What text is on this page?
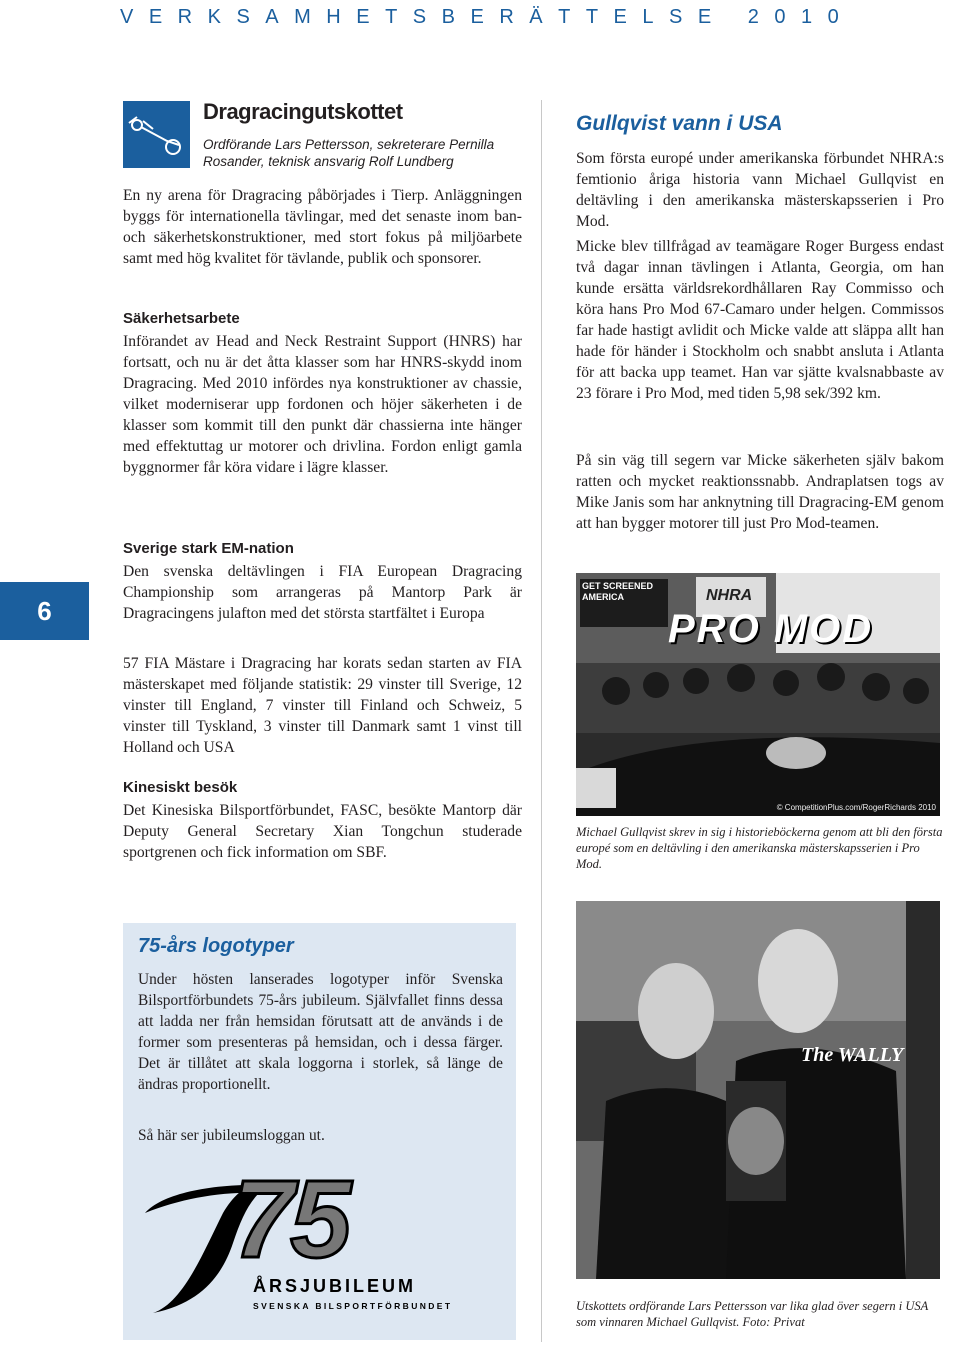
VERKSAMHETSBERÄTTELSE 2010
6
Dragracingutskottet
Ordförande Lars Pettersson, sekreterare Pernilla Rosander, teknisk ansvarig Rolf Lundberg

En ny arena för Dragracing påbörjades i Tierp. Anläggningen byggs för internationella tävlingar, med det senaste inom ban- och säkerhetskonstruktioner, med stort fokus på miljöarbete samt med hög kvalitet för tävlande, publik och sponsorer.

Säkerhetsarbete

Införandet av Head and Neck Restraint Support (HNRS) har fortsatt, och nu är det åtta klasser som har HNRS-skydd inom Dragracing. Med 2010 infördes nya konstruktioner av chassie, vilket moderniserar upp fordonen och höjer säkerheten i de klasser som kommit till den punkt där chassierna inte hänger med effektuttag ur motorer och drivlina. Fordon enligt gamla byggnormer får köra vidare i lägre klasser.

Sverige stark EM-nation

Den svenska deltävlingen i FIA European Dragracing Championship som arrangeras på Mantorp Park är Dragracingens julafton med det största startfältet i Europa

57 FIA Mästare i Dragracing har korats sedan starten av FIA mästerskapet med följande statistik: 29 vinster till Sverige, 12 vinster till England, 7 vinster till Finland och Schweiz, 5 vinster till Tyskland, 3 vinster till Danmark samt 1 vinst till Holland och USA

Kinesiskt besök

Det Kinesiska Bilsportförbundet, FASC, besökte Mantorp där Deputy General Secretary Xian Tongchun studerade sportgrenen och fick information om SBF.

Gullqvist vann i USA

Som första europé under amerikanska förbundet NHRA:s femtionio åriga historia vann Michael Gullqvist en deltävling i den amerikanska mästerskapsserien i Pro Mod.

Micke blev tillfrågad av teamägare Roger Burgess endast två dagar innan tävlingen i Atlanta, Georgia, om han kunde ersätta världsrekordhållaren Ray Commisso och köra hans Pro Mod 67-Camaro under helgen. Commissos far hade hastigt avlidit och Micke valde att släppa allt han hade för händer i Stockholm och snabbt ansluta i Atlanta för att backa upp teamet. Han var sjätte kvalsnabbaste av 23 förare i Pro Mod, med tiden 5,98 sek/392 km.

På sin väg till segern var Micke säkerheten själv bakom ratten och mycket reaktionssnabb. Andraplatsen togs av Mike Janis som har anknytning till Dragracing-EM genom att han bygger motorer till just Pro Mod-teamen.

GET SCREENED AMERICA	NHRA
PRO MOD
© CompetitionPlus.com/RogerRichards 2010

Michael Gullqvist skrev in sig i historieböckerna genom att bli den första europé som en deltävling i den amerikanska mästerskapsserien i Pro Mod.

The WALLY

Utskottets ordförande Lars Pettersson var lika glad över segern i USA som vinnaren Michael Gullqvist. Foto: Privat

75-års logotyper

Under hösten lanserades logotyper inför Svenska Bilsportförbundets 75-års jubileum. Självfallet finns dessa att ladda ner från hemsidan förutsatt att de används i de former som presenteras på hemsidan, och i dessa färger. Det är tillåtet att skala loggorna i storlek, så länge de ändras proportionellt.

Så här ser jubileumsloggan ut.

75
ÅRSJUBILEUM
SVENSKA BILSPORTFÖRBUNDET
